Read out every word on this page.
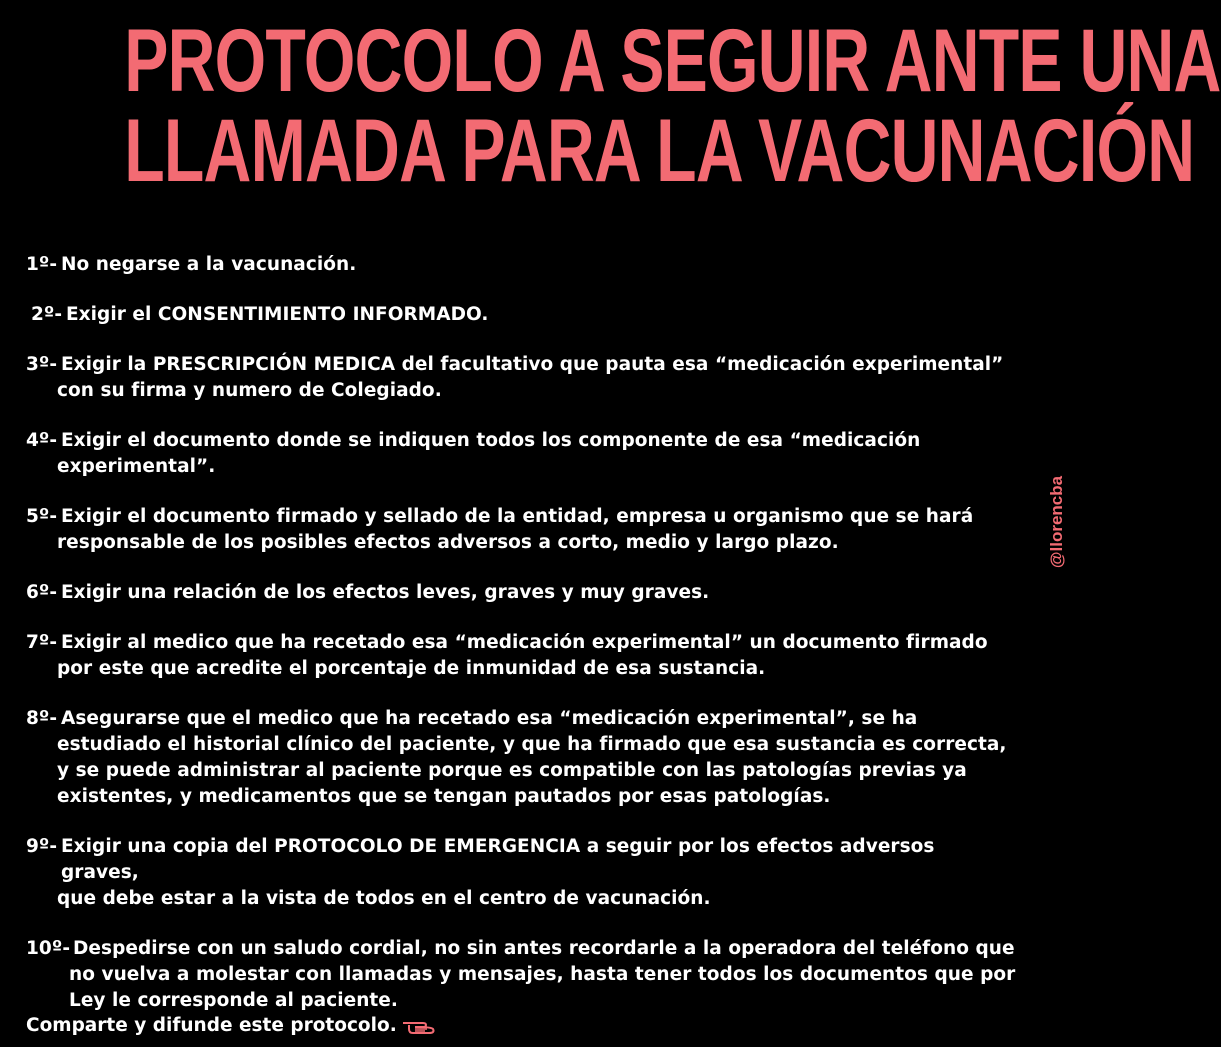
PROTOCOLO A SEGUIR ANTE UNA
LLAMADA PARA LA VACUNACIÓN
1º- No negarse a la vacunación.
2º- Exigir el CONSENTIMIENTO INFORMADO.
3º- Exigir la PRESCRIPCIÓN MEDICA del facultativo que pauta esa “medicación experimental”
con su firma y numero de Colegiado.
4º- Exigir el documento donde se indiquen todos los componente de esa “medicación
experimental”.
5º- Exigir el documento firmado y sellado de la entidad, empresa u organismo que se hará
responsable de los posibles efectos adversos a corto, medio y largo plazo.
6º- Exigir una relación de los efectos leves, graves y muy graves.
7º- Exigir al medico que ha recetado esa “medicación experimental” un documento firmado
por este que acredite el porcentaje de inmunidad de esa sustancia.
8º- Asegurarse que el medico que ha recetado esa “medicación experimental”, se ha
estudiado el historial clínico del paciente, y que ha firmado que esa sustancia es correcta,
y se puede administrar al paciente porque es compatible con las patologías previas ya
existentes, y medicamentos que se tengan pautados por esas patologías.
9º- Exigir una copia del PROTOCOLO DE EMERGENCIA a seguir por los efectos adversos graves,
que debe estar a la vista de todos en el centro de vacunación.
10º- Despedirse con un saludo cordial, no sin antes recordarle a la operadora del teléfono que
no vuelva a molestar con llamadas y mensajes, hasta tener todos los documentos que por
Ley le corresponde al paciente.
Comparte y difunde este protocolo.
@llorencba
